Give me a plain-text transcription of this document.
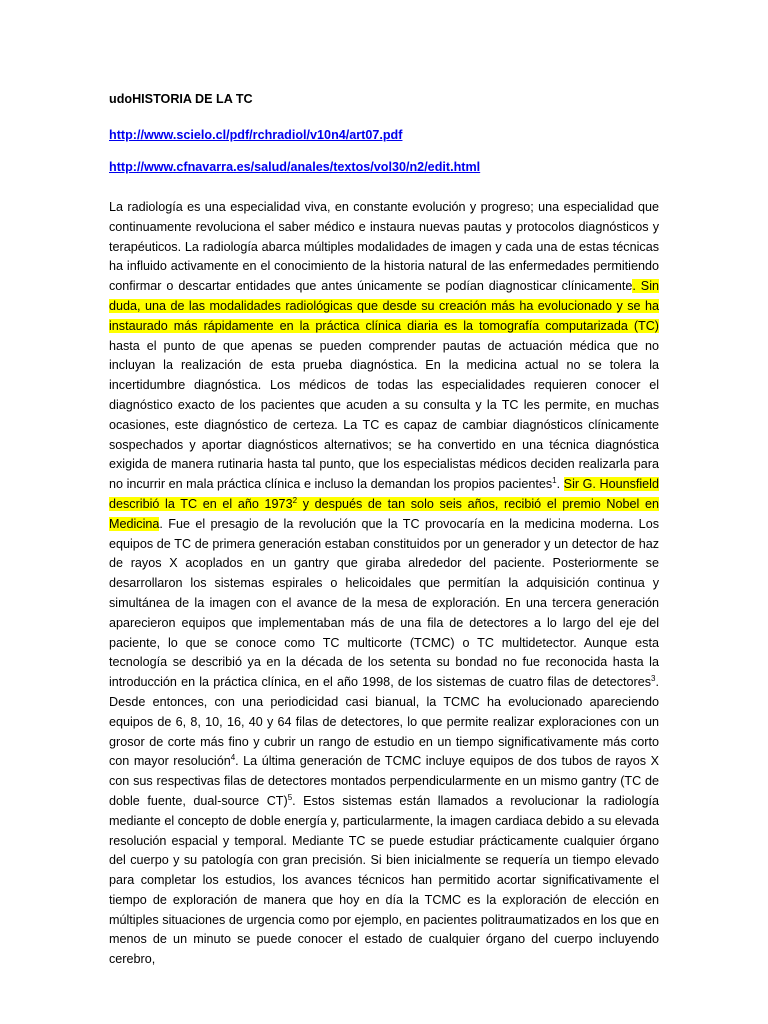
udoHISTORIA DE LA TC
http://www.scielo.cl/pdf/rchradiol/v10n4/art07.pdf
http://www.cfnavarra.es/salud/anales/textos/vol30/n2/edit.html

La radiología es una especialidad viva, en constante evolución y progreso; una especialidad que continuamente revoluciona el saber médico e instaura nuevas pautas y protocolos diagnósticos y terapéuticos. La radiología abarca múltiples modalidades de imagen y cada una de estas técnicas ha influido activamente en el conocimiento de la historia natural de las enfermedades permitiendo confirmar o descartar entidades que antes únicamente se podían diagnosticar clínicamente. Sin duda, una de las modalidades radiológicas que desde su creación más ha evolucionado y se ha instaurado más rápidamente en la práctica clínica diaria es la tomografía computarizada (TC) hasta el punto de que apenas se pueden comprender pautas de actuación médica que no incluyan la realización de esta prueba diagnóstica. En la medicina actual no se tolera la incertidumbre diagnóstica. Los médicos de todas las especialidades requieren conocer el diagnóstico exacto de los pacientes que acuden a su consulta y la TC les permite, en muchas ocasiones, este diagnóstico de certeza. La TC es capaz de cambiar diagnósticos clínicamente sospechados y aportar diagnósticos alternativos; se ha convertido en una técnica diagnóstica exigida de manera rutinaria hasta tal punto, que los especialistas médicos deciden realizarla para no incurrir en mala práctica clínica e incluso la demandan los propios pacientes$^1$. Sir G. Hounsfield describió la TC en el año 1973$^2$ y después de tan solo seis años, recibió el premio Nobel en Medicina. Fue el presagio de la revolución que la TC provocaría en la medicina moderna. Los equipos de TC de primera generación estaban constituidos por un generador y un detector de haz de rayos X acoplados en un gantry que giraba alrededor del paciente. Posteriormente se desarrollaron los sistemas espirales o helicoidales que permitían la adquisición continua y simultánea de la imagen con el avance de la mesa de exploración. En una tercera generación aparecieron equipos que implementaban más de una fila de detectores a lo largo del eje del paciente, lo que se conoce como TC multicorte (TCMC) o TC multidetector. Aunque esta tecnología se describió ya en la década de los setenta su bondad no fue reconocida hasta la introducción en la práctica clínica, en el año 1998, de los sistemas de cuatro filas de detectores$^3$. Desde entonces, con una periodicidad casi bianual, la TCMC ha evolucionado apareciendo equipos de 6, 8, 10, 16, 40 y 64 filas de detectores, lo que permite realizar exploraciones con un grosor de corte más fino y cubrir un rango de estudio en un tiempo significativamente más corto con mayor resolución$^4$. La última generación de TCMC incluye equipos de dos tubos de rayos X con sus respectivas filas de detectores montados perpendicularmente en un mismo gantry (TC de doble fuente, dual-source CT)$^5$. Estos sistemas están llamados a revolucionar la radiología mediante el concepto de doble energía y, particularmente, la imagen cardiaca debido a su elevada resolución espacial y temporal. Mediante TC se puede estudiar prácticamente cualquier órgano del cuerpo y su patología con gran precisión. Si bien inicialmente se requería un tiempo elevado para completar los estudios, los avances técnicos han permitido acortar significativamente el tiempo de exploración de manera que hoy en día la TCMC es la exploración de elección en múltiples situaciones de urgencia como por ejemplo, en pacientes politraumatizados en los que en menos de un minuto se puede conocer el estado de cualquier órgano del cuerpo incluyendo cerebro,
